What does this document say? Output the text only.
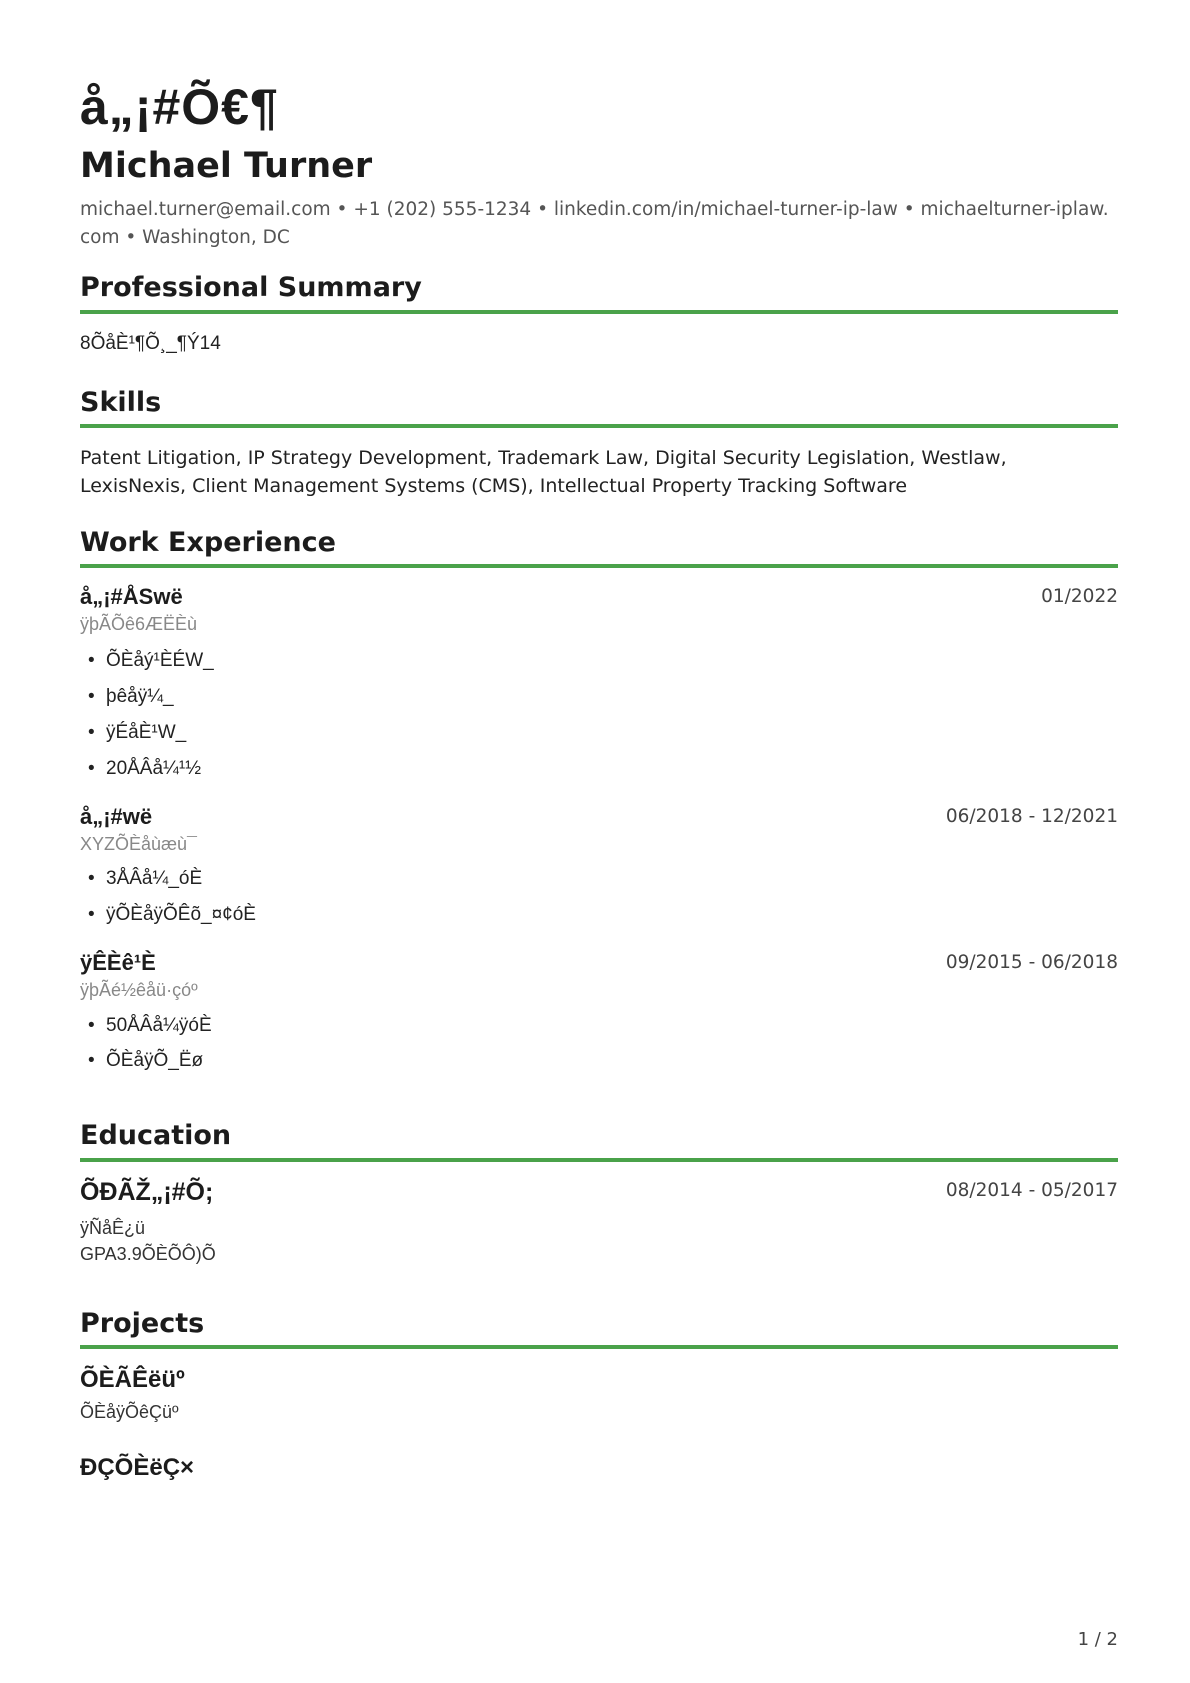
å„¡#Õ€¶
Michael Turner
michael.turner@email.com • +1 (202) 555-1234 • linkedin.com/in/michael-turner-ip-law • michaelturner-iplaw.com • Washington, DC
Professional Summary
8ÕåÈ¹¶Õ¸_¶Ý14
Skills
Patent Litigation, IP Strategy Development, Trademark Law, Digital Security Legislation, Westlaw, LexisNexis, Client Management Systems (CMS), Intellectual Property Tracking Software
Work Experience
å„¡#ÅSwë	01/2022
ÿþÃÕê6ÆËÈù
• ÕÈåý¹ÈÉW_
• þêåÿ¼_
• ÿÉåÈ¹W_
• 20ÅÂå¼¹½
å„¡#wë	06/2018 - 12/2021
XYZÕÈåùæù¯
• 3ÅÂå¼_óÈ
• ÿÕÈåÿÕÊõ_¤¢óÈ
ÿÊÈê¹È	09/2015 - 06/2018
ÿþÃé½êåü·çóº
• 50ÅÂå¼ÿóÈ
• ÕÈåÿÕ_Ëø
Education
ÕÐÃŽ„¡#Õ;	08/2014 - 05/2017
ÿÑåÊ¿ü
GPA3.9ÕÈÕÔ)Õ
Projects
ÕÈÃÊëüº
ÕÈåÿÕêÇüº
ÐÇÕÈëÇ×
1 / 2
